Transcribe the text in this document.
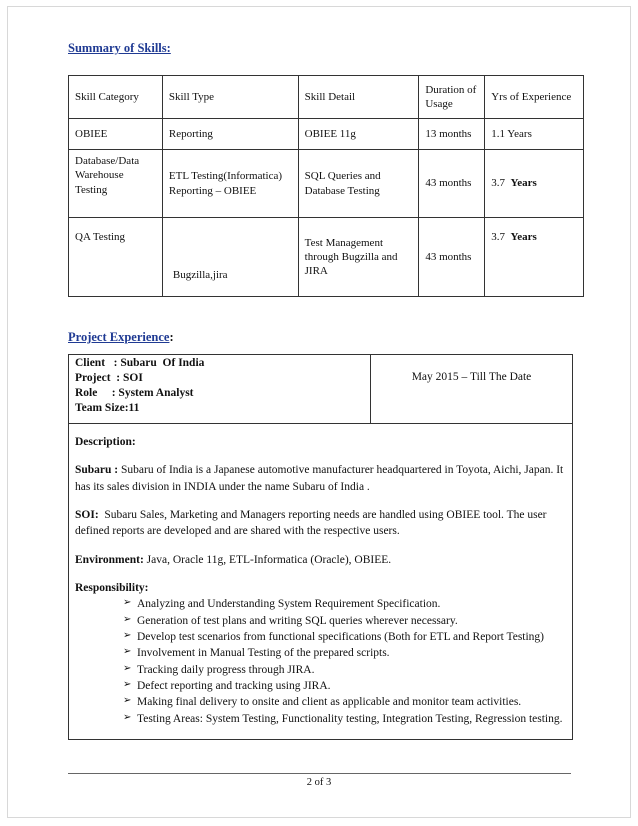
Summary of Skills:
Skill Category	Skill Type	Skill Detail	Duration of Usage	Yrs of Experience
OBIEE	Reporting	OBIEE 11g	13 months	1.1 Years
Database/Data Warehouse Testing	ETL Testing(Informatica) Reporting – OBIEE	SQL Queries and Database Testing	43 months	3.7 Years
QA Testing	Bugzilla,jira	Test Management through Bugzilla and JIRA	43 months	3.7 Years
Project Experience:
Client   : Subaru  Of India
Project  : SOI
Role     : System Analyst
Team Size:11
	May 2015 – Till The Date

Description:

Subaru : Subaru of India is a Japanese automotive manufacturer headquartered in Toyota, Aichi, Japan. It has its sales division in INDIA under the name Subaru of India .

SOI: Subaru Sales, Marketing and Managers reporting needs are handled using OBIEE tool. The user defined reports are developed and are shared with the respective users.

Environment: Java, Oracle 11g, ETL-Informatica (Oracle), OBIEE.

Responsibility:
➢ Analyzing and Understanding System Requirement Specification.
➢ Generation of test plans and writing SQL queries wherever necessary.
➢ Develop test scenarios from functional specifications (Both for ETL and Report Testing)
➢ Involvement in Manual Testing of the prepared scripts.
➢ Tracking daily progress through JIRA.
➢ Defect reporting and tracking using JIRA.
➢ Making final delivery to onsite and client as applicable and monitor team activities.
➢ Testing Areas: System Testing, Functionality testing, Integration Testing, Regression testing.
2 of 3
